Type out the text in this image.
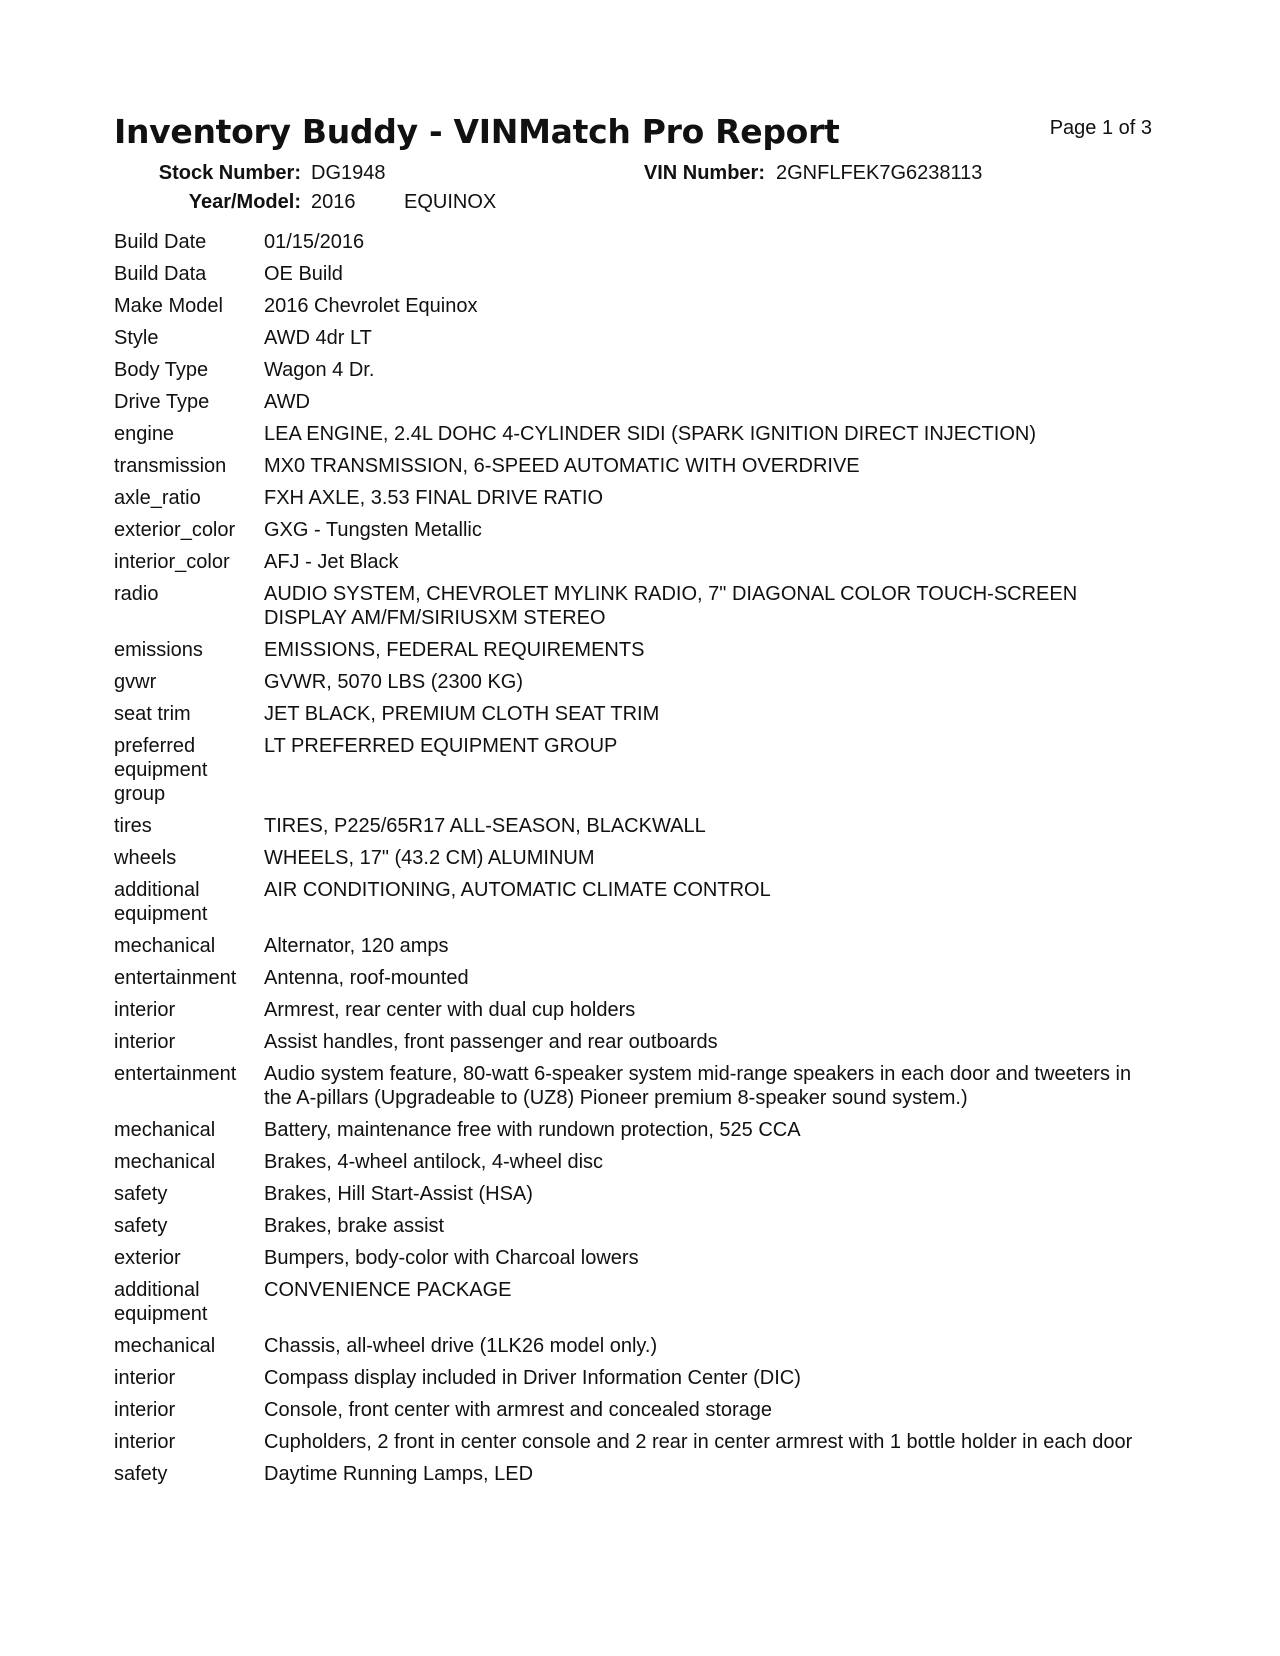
Inventory Buddy - VINMatch Pro Report	Page 1 of 3
Stock Number: DG1948	VIN Number: 2GNFLFEK7G6238113
Year/Model: 2016 EQUINOX
Build Date	01/15/2016
Build Data	OE Build
Make Model	2016 Chevrolet Equinox
Style	AWD 4dr LT
Body Type	Wagon 4 Dr.
Drive Type	AWD
engine	LEA ENGINE, 2.4L DOHC 4-CYLINDER SIDI (SPARK IGNITION DIRECT INJECTION)
transmission	MX0 TRANSMISSION, 6-SPEED AUTOMATIC WITH OVERDRIVE
axle_ratio	FXH AXLE, 3.53 FINAL DRIVE RATIO
exterior_color	GXG - Tungsten Metallic
interior_color	AFJ - Jet Black
radio	AUDIO SYSTEM, CHEVROLET MYLINK RADIO, 7" DIAGONAL COLOR TOUCH-SCREEN DISPLAY AM/FM/SIRIUSXM STEREO
emissions	EMISSIONS, FEDERAL REQUIREMENTS
gvwr	GVWR, 5070 LBS (2300 KG)
seat trim	JET BLACK, PREMIUM CLOTH SEAT TRIM
preferred equipment group	LT PREFERRED EQUIPMENT GROUP
tires	TIRES, P225/65R17 ALL-SEASON, BLACKWALL
wheels	WHEELS, 17" (43.2 CM) ALUMINUM
additional equipment	AIR CONDITIONING, AUTOMATIC CLIMATE CONTROL
mechanical	Alternator, 120 amps
entertainment	Antenna, roof-mounted
interior	Armrest, rear center with dual cup holders
interior	Assist handles, front passenger and rear outboards
entertainment	Audio system feature, 80-watt 6-speaker system mid-range speakers in each door and tweeters in the A-pillars (Upgradeable to (UZ8) Pioneer premium 8-speaker sound system.)
mechanical	Battery, maintenance free with rundown protection, 525 CCA
mechanical	Brakes, 4-wheel antilock, 4-wheel disc
safety	Brakes, Hill Start-Assist (HSA)
safety	Brakes, brake assist
exterior	Bumpers, body-color with Charcoal lowers
additional equipment	CONVENIENCE PACKAGE
mechanical	Chassis, all-wheel drive (1LK26 model only.)
interior	Compass display included in Driver Information Center (DIC)
interior	Console, front center with armrest and concealed storage
interior	Cupholders, 2 front in center console and 2 rear in center armrest with 1 bottle holder in each door
safety	Daytime Running Lamps, LED
